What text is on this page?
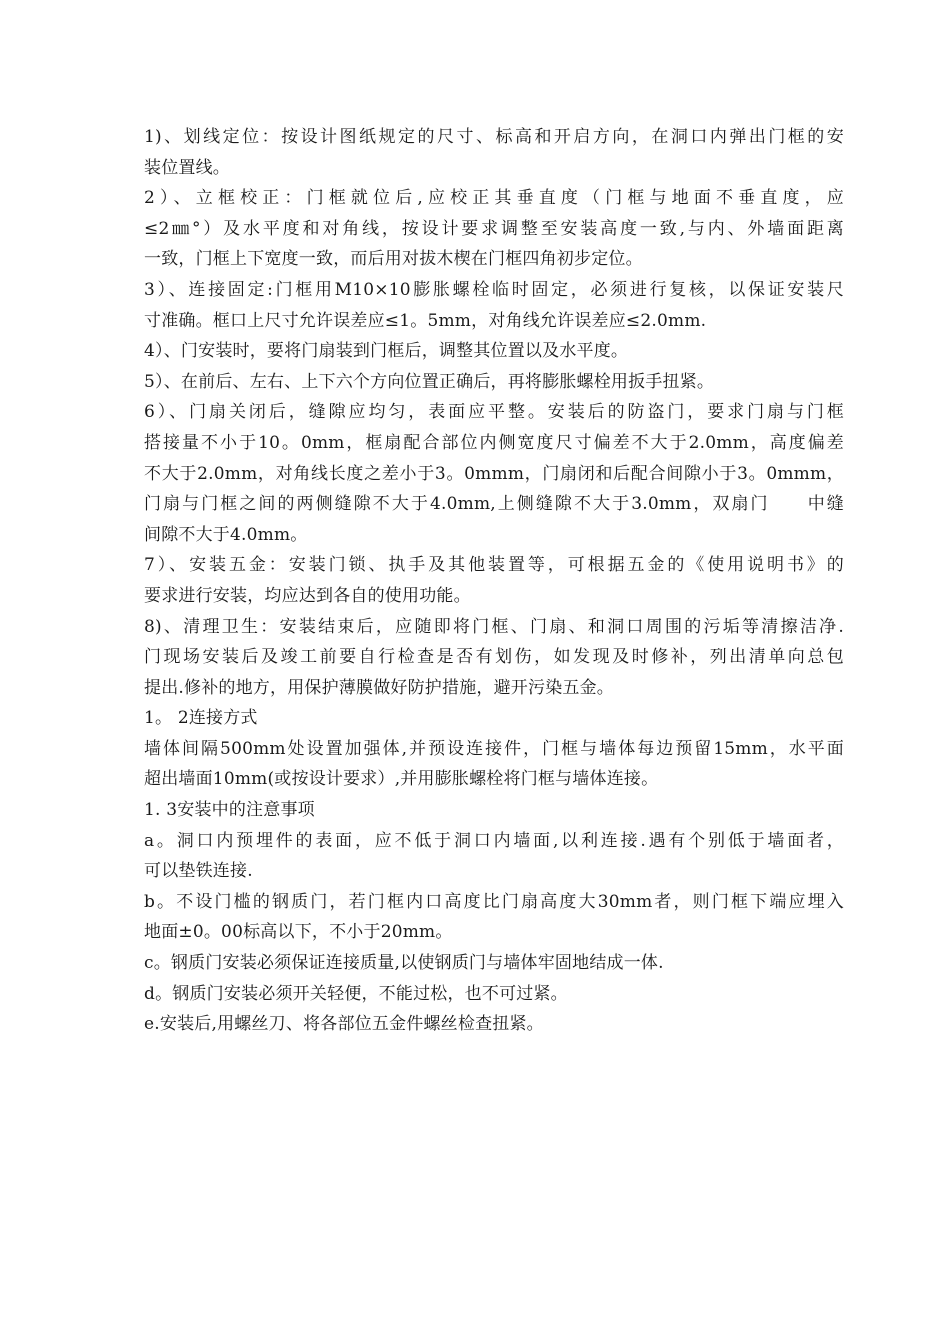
1)、划线定位：按设计图纸规定的尺寸、标高和开启方向，在洞口内弹出门框的安
装位置线。
2）、立框校正：门框就位后,应校正其垂直度（门框与地面不垂直度，应
≤2㎜°）及水平度和对角线，按设计要求调整至安装高度一致,与内、外墙面距离
一致，门框上下宽度一致，而后用对拔木楔在门框四角初步定位。
3）、连接固定:门框用M10×10膨胀螺栓临时固定，必须进行复核，以保证安装尺
寸准确。框口上尺寸允许误差应≤1。5mm，对角线允许误差应≤2.0mm.
4）、门安装时，要将门扇装到门框后，调整其位置以及水平度。
5）、在前后、左右、上下六个方向位置正确后，再将膨胀螺栓用扳手扭紧。
6）、门扇关闭后，缝隙应均匀，表面应平整。安装后的防盗门，要求门扇与门框
搭接量不小于10。0mm，框扇配合部位内侧宽度尺寸偏差不大于2.0mm，高度偏差
不大于2.0mm，对角线长度之差小于3。0mmm，门扇闭和后配合间隙小于3。0mmm，
门扇与门框之间的两侧缝隙不大于4.0mm,上侧缝隙不大于3.0mm，双扇门　　中缝
间隙不大于4.0mm。
7）、安装五金：安装门锁、执手及其他装置等，可根据五金的《使用说明书》的
要求进行安装，均应达到各自的使用功能。
8)、清理卫生：安装结束后，应随即将门框、门扇、和洞口周围的污垢等清擦洁净.
门现场安装后及竣工前要自行检查是否有划伤，如发现及时修补，列出清单向总包
提出.修补的地方，用保护薄膜做好防护措施，避开污染五金。
1。 2连接方式
墙体间隔500mm处设置加强体,并预设连接件，门框与墙体每边预留15mm，水平面
超出墙面10mm(或按设计要求）,并用膨胀螺栓将门框与墙体连接。
1. 3安装中的注意事项
a。洞口内预埋件的表面，应不低于洞口内墙面,以利连接.遇有个别低于墙面者，
可以垫铁连接.
b。不设门槛的钢质门，若门框内口高度比门扇高度大30mm者，则门框下端应埋入
地面±0。00标高以下，不小于20mm。
c。钢质门安装必须保证连接质量,以使钢质门与墙体牢固地结成一体.
d。钢质门安装必须开关轻便，不能过松，也不可过紧。
e.安装后,用螺丝刀、将各部位五金件螺丝检查扭紧。
